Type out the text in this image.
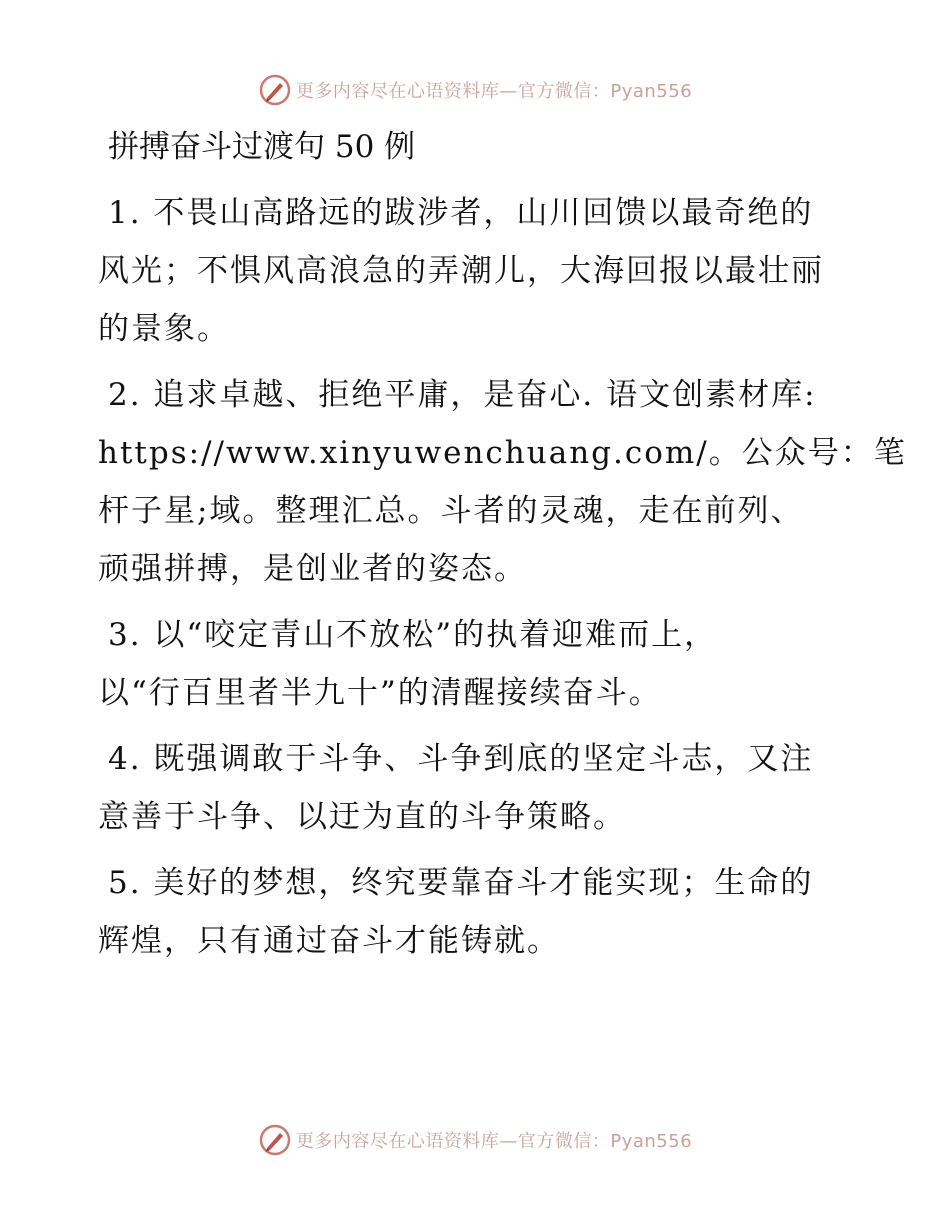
更多内容尽在心语资料库—官方微信：Pyan556
拼搏奋斗过渡句 50 例
1. 不畏山高路远的跋涉者，山川回馈以最奇绝的
风光；不惧风高浪急的弄潮儿，大海回报以最壮丽
的景象。
2. 追求卓越、拒绝平庸，是奋心. 语文创素材库:
https://www.xinyuwenchuang.com/。公众号：笔
杆子星;域。整理汇总。斗者的灵魂，走在前列、
顽强拼搏，是创业者的姿态。
3. 以“咬定青山不放松”的执着迎难而上，
以“行百里者半九十”的清醒接续奋斗。
4. 既强调敢于斗争、斗争到底的坚定斗志，又注
意善于斗争、以迂为直的斗争策略。
5. 美好的梦想，终究要靠奋斗才能实现；生命的
辉煌，只有通过奋斗才能铸就。
更多内容尽在心语资料库—官方微信：Pyan556
